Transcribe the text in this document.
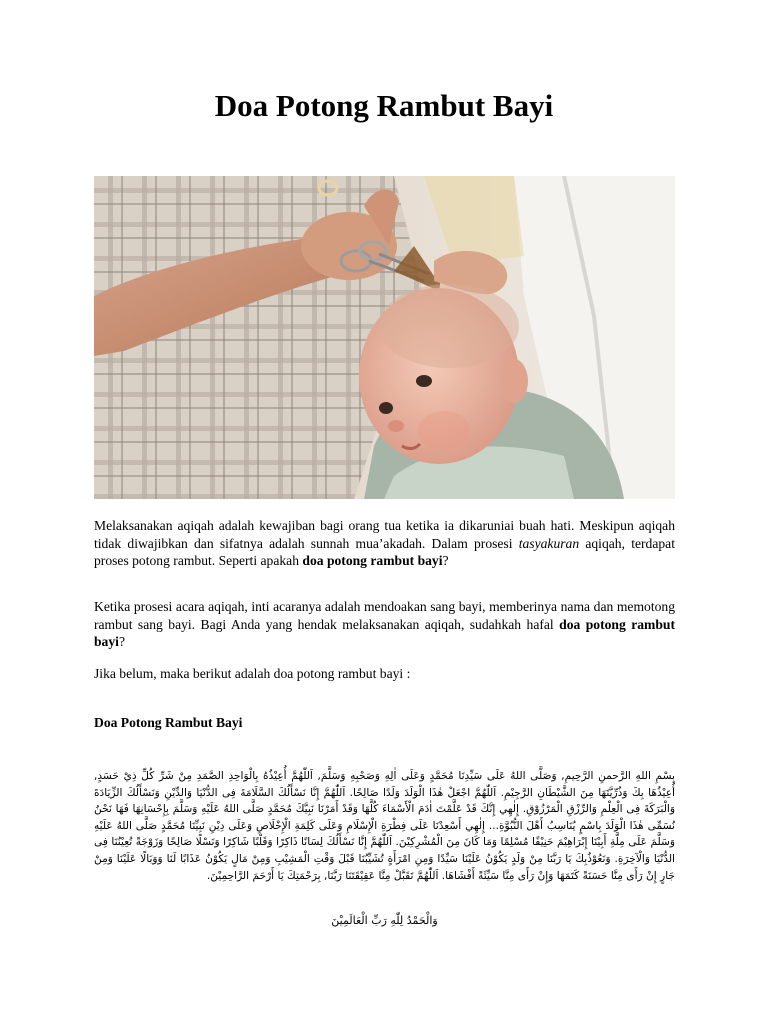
Doa Potong Rambut Bayi

Melaksanakan aqiqah adalah kewajiban bagi orang tua ketika ia dikaruniai buah hati. Meskipun aqiqah tidak diwajibkan dan sifatnya adalah sunnah mua’akadah. Dalam prosesi tasyakuran aqiqah, terdapat proses potong rambut. Seperti apakah doa potong rambut bayi?

Ketika prosesi acara aqiqah, inti acaranya adalah mendoakan sang bayi, memberinya nama dan memotong rambut sang bayi. Bagi Anda yang hendak melaksanakan aqiqah, sudahkah hafal doa potong rambut bayi?

Jika belum, maka berikut adalah doa potong rambut bayi :

Doa Potong Rambut Bayi

بِسْمِ اللهِ الرَّحمنِ الرَّحِيمِ, وَصَلَّى اللهُ عَلَى سَيِّدِنَا مُحَمَّدٍ وَعَلَى اٰلِهِ وَصَحْبِهِ وَسَلَّمَ, اَللّٰهُمَّ أُعِيْذُهُ بِالْوَاحِدِ الصَّمَدِ مِنْ شَرِّ كُلِّ ذِيْ حَسَدٍ, أُعِيْذُهَا بِكَ وَذُرِّيَّتَهَا مِنَ الشَّيْطَانِ الرَّجِيْمِ. اَللّٰهُمَّ اجْعَلْ هٰذَا الْوَلَدَ وَلَدًا صَالِحًا. اَللّٰهُمَّ إِنَّا نَسْأَلُكَ السَّلَامَةَ فِى الدُّنْيَا وَالدِّيْنِ وَنَسْأَلُكَ الزِّيَادَةَ وَالْبَرَكَةَ فِى الْعِلْمِ وَالرِّزْقِ الْمَرْزُوْقِ. إِلٰهِي إِنَّكَ قَدْ عَلَّمْتَ اٰدَمَ الْأَسْمَاءَ كُلَّهَا وَقَدْ أَمَرْنَا نَبِيَّكَ مُحَمَّدٍ صَلَّى اللهُ عَلَيْهِ وَسَلَّمَ بِإِحْسَانِهَا فَهَا نَحْنُ نُسَمِّى هٰذَا الْوَلَدَ بِاسْمٍ يُنَاسِبُ أَهْلَ النُّبُوَّةِ... إِلٰهِي أَسْعِدْنَا عَلَى فِطْرَةِ الْإِسْلَامِ وَعَلَى كَلِمَةِ الْإِخْلَاصِ وَعَلَى دِيْنِ نَبِيِّنَا مُحَمَّدٍ صَلَّى اللهُ عَلَيْهِ وَسَلَّمَ عَلَى مِلَّةِ أَبِيْنَا إِبْرَاهِيْمَ حَنِيْفًا مُسْلِمًا وَمَا كَانَ مِنَ الْمُشْرِكِيْنَ. اَللّٰهُمَّ إِنَّا نَسْأَلُكَ لِسَانًا ذَاكِرًا وَقَلْبًا شَاكِرًا وَنَسْلًا صَالِحًا وَزَوْجَةً تُعِيْنُنَا فِى الدُّنْيَا وَالْآخِرَةِ. وَنَعُوْذُبِكَ يَا رَبَّنَا مِنْ وَلَدٍ يَكُوْنُ عَلَيْنَا سَيِّدًا وَمِنِ امْرَأَةٍ تُشَيِّبُنَا قَبْلَ وَقْتِ الْمَشِيْبِ وَمِنْ مَالٍ يَكُوْنُ عَذَابًا لَنَا وَوَبَالًا عَلَيْنَا وَمِنْ جَارٍ إِنْ رَأَى مِنَّا حَسَنَةً كَتَمَهَا وَإِنْ رَأَى مِنَّا سَيِّئَةً أَفْشَاهَا. اَللّٰهُمَّ تَقَبَّلْ مِنَّا عَقِيْقَتَنَا رَبَّنَا, بِرَحْمَتِكَ يَا أَرْحَمَ الرَّاحِمِيْنَ.

وَالْحَمْدُ لِلّٰهِ رَبِّ الْعَالَمِيْنَ
